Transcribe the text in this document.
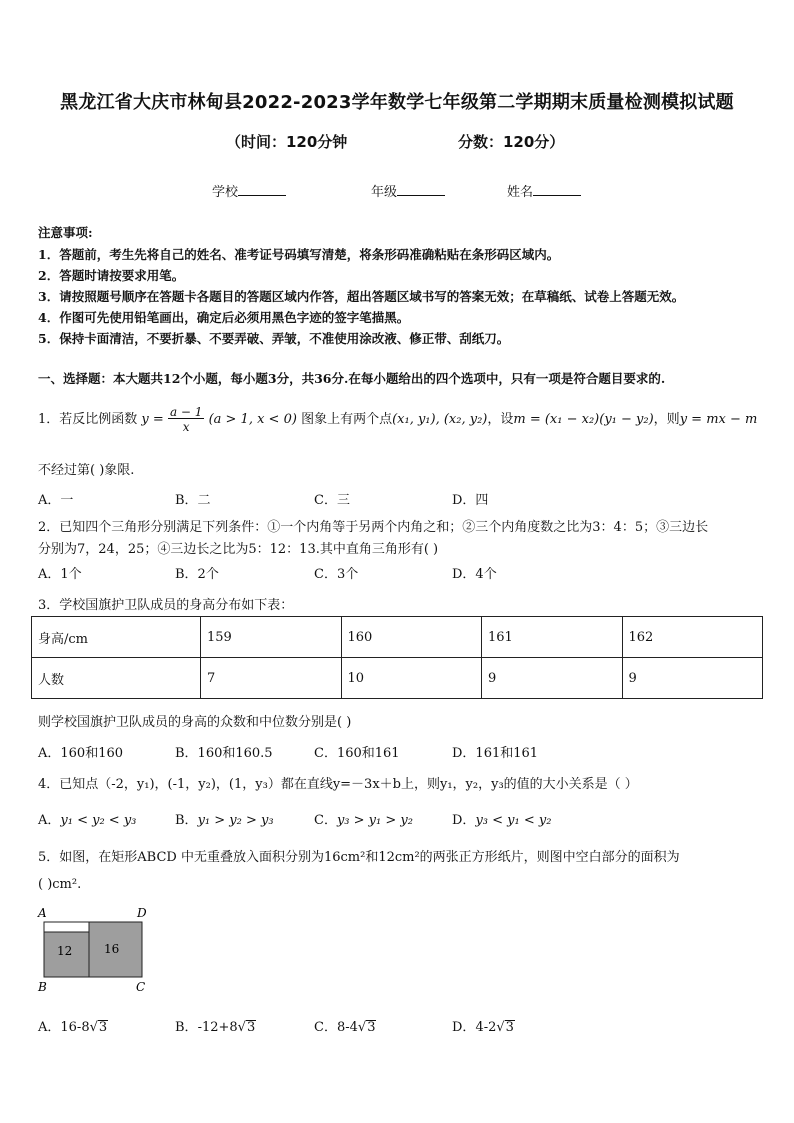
黑龙江省大庆市林甸县2022-2023学年数学七年级第二学期期末质量检测模拟试题
（时间：120分钟	分数：120分）
学校	年级	姓名
注意事项:
1．答题前，考生先将自己的姓名、准考证号码填写清楚，将条形码准确粘贴在条形码区域内。
2．答题时请按要求用笔。
3．请按照题号顺序在答题卡各题目的答题区域内作答，超出答题区域书写的答案无效；在草稿纸、试卷上答题无效。
4．作图可先使用铅笔画出，确定后必须用黑色字迹的签字笔描黑。
5．保持卡面清洁，不要折暴、不要弄破、弄皱，不准使用涂改液、修正带、刮纸刀。
一、选择题：本大题共12个小题，每小题3分，共36分.在每小题给出的四个选项中，只有一项是符合题目要求的.
1．若反比例函数 $y = \frac{a - 1}{x} (a > 1$, x < 0) 图象上有两个点(x₁, y₁), (x₂, y₂)，设m = (x₁ − x₂)(y₁ − y₂)，则y = mx − m
不经过第( )象限.
A．一	B．二	C．三	D．四
2．已知四个三角形分别满足下列条件：①一个内角等于另两个内角之和；②三个内角度数之比为3：4：5；③三边长
分别为7，24，25；④三边长之比为5：12：13.其中直角三角形有( )
A．1个	B．2个	C．3个	D．4个
3．学校国旗护卫队成员的身高分布如下表：
身高/cm	159	160	161	162
人数	7	10	9	9
则学校国旗护卫队成员的身高的众数和中位数分别是( )
A．160和160	B．160和160.5	C．160和161	D．161和161
4．已知点（-2，y₁)，(-1，y₂)，(1，y₃）都在直线y=－3x＋b上，则y₁，y₂，y₃的值的大小关系是（ ）
A．y₁ < y₂ < y₃	B．y₁ > y₂ > y₃	C．y₃ > y₁ > y₂	D．y₃ < y₁ < y₂
5．如图，在矩形ABCD 中无重叠放入面积分别为16cm²和12cm²的两张正方形纸片，则图中空白部分的面积为
( )cm².
12	16
A	D
B	C
A．16-8√3	B．-12+8√3	C．8-4√3	D．4-2√3
